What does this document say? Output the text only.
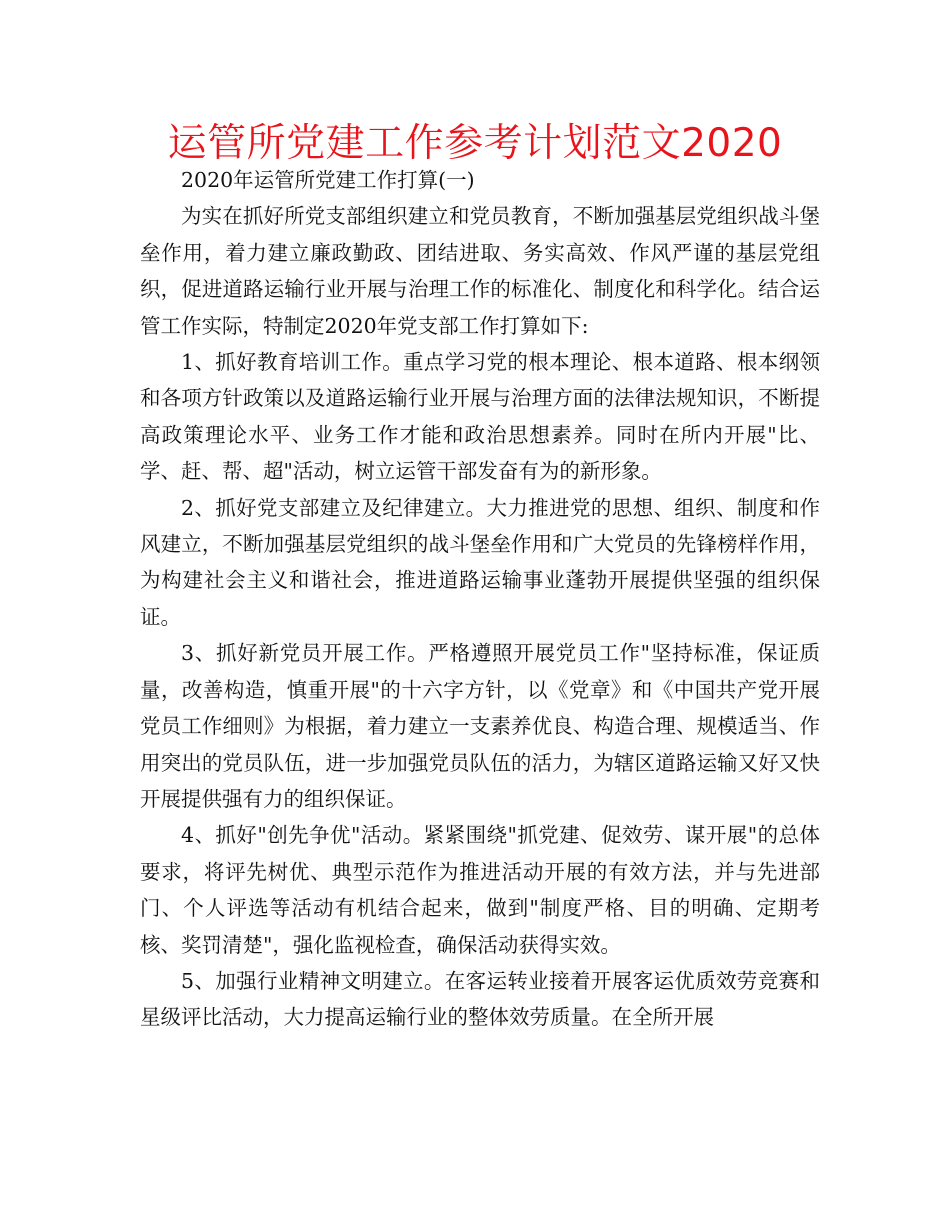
运管所党建工作参考计划范文2020

2020年运管所党建工作打算(一)

为实在抓好所党支部组织建立和党员教育，不断加强基层党组织战斗堡垒作用，着力建立廉政勤政、团结进取、务实高效、作风严谨的基层党组织，促进道路运输行业开展与治理工作的标准化、制度化和科学化。结合运管工作实际，特制定2020年党支部工作打算如下:

1、抓好教育培训工作。重点学习党的根本理论、根本道路、根本纲领和各项方针政策以及道路运输行业开展与治理方面的法律法规知识，不断提高政策理论水平、业务工作才能和政治思想素养。同时在所内开展"比、学、赶、帮、超"活动，树立运管干部发奋有为的新形象。

2、抓好党支部建立及纪律建立。大力推进党的思想、组织、制度和作风建立，不断加强基层党组织的战斗堡垒作用和广大党员的先锋榜样作用，为构建社会主义和谐社会，推进道路运输事业蓬勃开展提供坚强的组织保证。

3、抓好新党员开展工作。严格遵照开展党员工作"坚持标准，保证质量，改善构造，慎重开展"的十六字方针，以《党章》和《中国共产党开展党员工作细则》为根据，着力建立一支素养优良、构造合理、规模适当、作用突出的党员队伍，进一步加强党员队伍的活力，为辖区道路运输又好又快开展提供强有力的组织保证。

4、抓好"创先争优"活动。紧紧围绕"抓党建、促效劳、谋开展"的总体要求，将评先树优、典型示范作为推进活动开展的有效方法，并与先进部门、个人评选等活动有机结合起来，做到"制度严格、目的明确、定期考核、奖罚清楚"，强化监视检查，确保活动获得实效。

5、加强行业精神文明建立。在客运转业接着开展客运优质效劳竞赛和星级评比活动，大力提高运输行业的整体效劳质量。在全所开展
